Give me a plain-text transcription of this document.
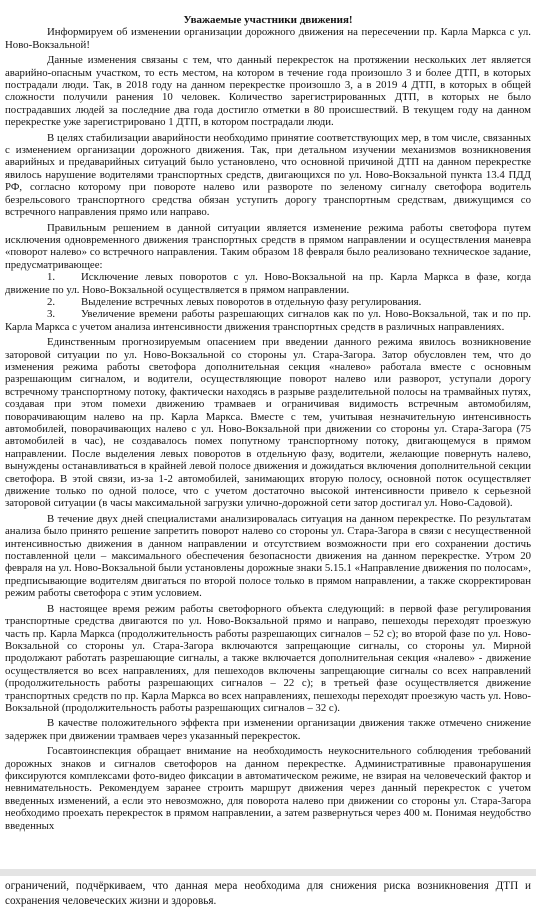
Уважаемые участники движения!

Информируем об изменении организации дорожного движения на пересечении пр. Карла Маркса с ул. Ново-Вокзальной!

Данные изменения связаны с тем, что данный перекресток на протяжении нескольких лет является аварийно-опасным участком, то есть местом, на котором в течение года произошло 3 и более ДТП, в которых пострадали люди. Так, в 2018 году на данном перекрестке произошло 3, а в 2019 4 ДТП, в которых в общей сложности получили ранения 10 человек. Количество зарегистрированных ДТП, в которых не было пострадавших людей за последние два года достигло отметки в 80 происшествий. В текущем году на данном перекрестке уже зарегистрировано 1 ДТП, в котором пострадали люди.

В целях стабилизации аварийности необходимо принятие соответствующих мер, в том числе, связанных с изменением организации дорожного движения. Так, при детальном изучении механизмов возникновения аварийных и предаварийных ситуаций было установлено, что основной причиной ДТП на данном перекрестке явилось нарушение водителями транспортных средств, двигающихся по ул. Ново-Вокзальной пункта 13.4 ПДД РФ, согласно которому при повороте налево или развороте по зеленому сигналу светофора водитель безрельсового транспортного средства обязан уступить дорогу транспортным средствам, движущимся со встречного направления прямо или направо.

Правильным решением в данной ситуации является изменение режима работы светофора путем исключения одновременного движения транспортных средств в прямом направлении и осуществления маневра «поворот налево» со встречного направления. Таким образом 18 февраля было реализовано техническое задание, предусматривающее:

1. Исключение левых поворотов с ул. Ново-Вокзальной на пр. Карла Маркса в фазе, когда движение по ул. Ново-Вокзальной осуществляется в прямом направлении.

2. Выделение встречных левых поворотов в отдельную фазу регулирования.

3. Увеличение времени работы разрешающих сигналов как по ул. Ново-Вокзальной, так и по пр. Карла Маркса с учетом анализа интенсивности движения транспортных средств в различных направлениях.

Единственным прогнозируемым опасением при введении данного режима явилось возникновение заторовой ситуации по ул. Ново-Вокзальной со стороны ул. Стара-Загора. Затор обусловлен тем, что до изменения режима работы светофора дополнительная секция «налево» работала вместе с основным разрешающим сигналом, и водители, осуществляющие поворот налево или разворот, уступали дорогу встречному транспортному потоку, фактически находясь в разрыве разделительной полосы на трамвайных путях, создавая при этом помехи движению трамваев и ограничивая видимость встречным автомобилям, поворачивающим налево на пр. Карла Маркса. Вместе с тем, учитывая незначительную интенсивность автомобилей, поворачивающих налево с ул. Ново-Вокзальной при движении со стороны ул. Стара-Загора (75 автомобилей в час), не создавалось помех попутному транспортному потоку, двигающемуся в прямом направлении. После выделения левых поворотов в отдельную фазу, водители, желающие повернуть налево, вынуждены останавливаться в крайней левой полосе движения и дожидаться включения дополнительной секции светофора. В этой связи, из-за 1-2 автомобилей, занимающих вторую полосу, основной поток осуществляет движение только по одной полосе, что с учетом достаточно высокой интенсивности привело к серьезной заторовой ситуации (в часы максимальной загрузки улично-дорожной сети затор достигал ул. Ново-Садовой).

В течение двух дней специалистами анализировалась ситуация на данном перекрестке. По результатам анализа было принято решение запретить поворот налево со стороны ул. Стара-Загора в связи с несущественной интенсивностью движения в данном направлении и отсутствием возможности при его сохранении достичь поставленной цели – максимального обеспечения безопасности движения на данном перекрестке. Утром 20 февраля на ул. Ново-Вокзальной были установлены дорожные знаки 5.15.1 «Направление движения по полосам», предписывающие водителям двигаться по второй полосе только в прямом направлении, а также скорректирован режим работы светофора с этим условием.

В настоящее время режим работы светофорного объекта следующий: в первой фазе регулирования транспортные средства двигаются по ул. Ново-Вокзальной прямо и направо, пешеходы переходят проезжую часть пр. Карла Маркса (продолжительность работы разрешающих сигналов – 52 с); во второй фазе по ул. Ново-Вокзальной со стороны ул. Стара-Загора включаются запрещающие сигналы, со стороны ул. Мирной продолжают работать разрешающие сигналы, а также включается дополнительная секция «налево» - движение осуществляется во всех направлениях, для пешеходов включены запрещающие сигналы со всех направлений (продолжительность работы разрешающих сигналов – 22 с); в третьей фазе осуществляется движение транспортных средств по пр. Карла Маркса во всех направлениях, пешеходы переходят проезжую часть ул. Ново-Вокзальной (продолжительность работы разрешающих сигналов – 32 с).

В качестве положительного эффекта при изменении организации движения также отмечено снижение задержек при движении трамваев через указанный перекресток.

Госавтоинспекция обращает внимание на необходимость неукоснительного соблюдения требований дорожных знаков и сигналов светофоров на данном перекрестке. Административные правонарушения фиксируются комплексами фото-видео фиксации в автоматическом режиме, не взирая на человеческий фактор и невнимательность. Рекомендуем заранее строить маршрут движения через данный перекресток с учетом введенных изменений, а если это невозможно, для поворота налево при движении со стороны ул. Стара-Загора необходимо проехать перекресток в прямом направлении, а затем развернуться через 400 м. Понимая неудобство введенных

ограничений, подчёркиваем, что данная мера необходима для снижения риска возникновения ДТП и сохранения человеческих жизни и здоровья.
